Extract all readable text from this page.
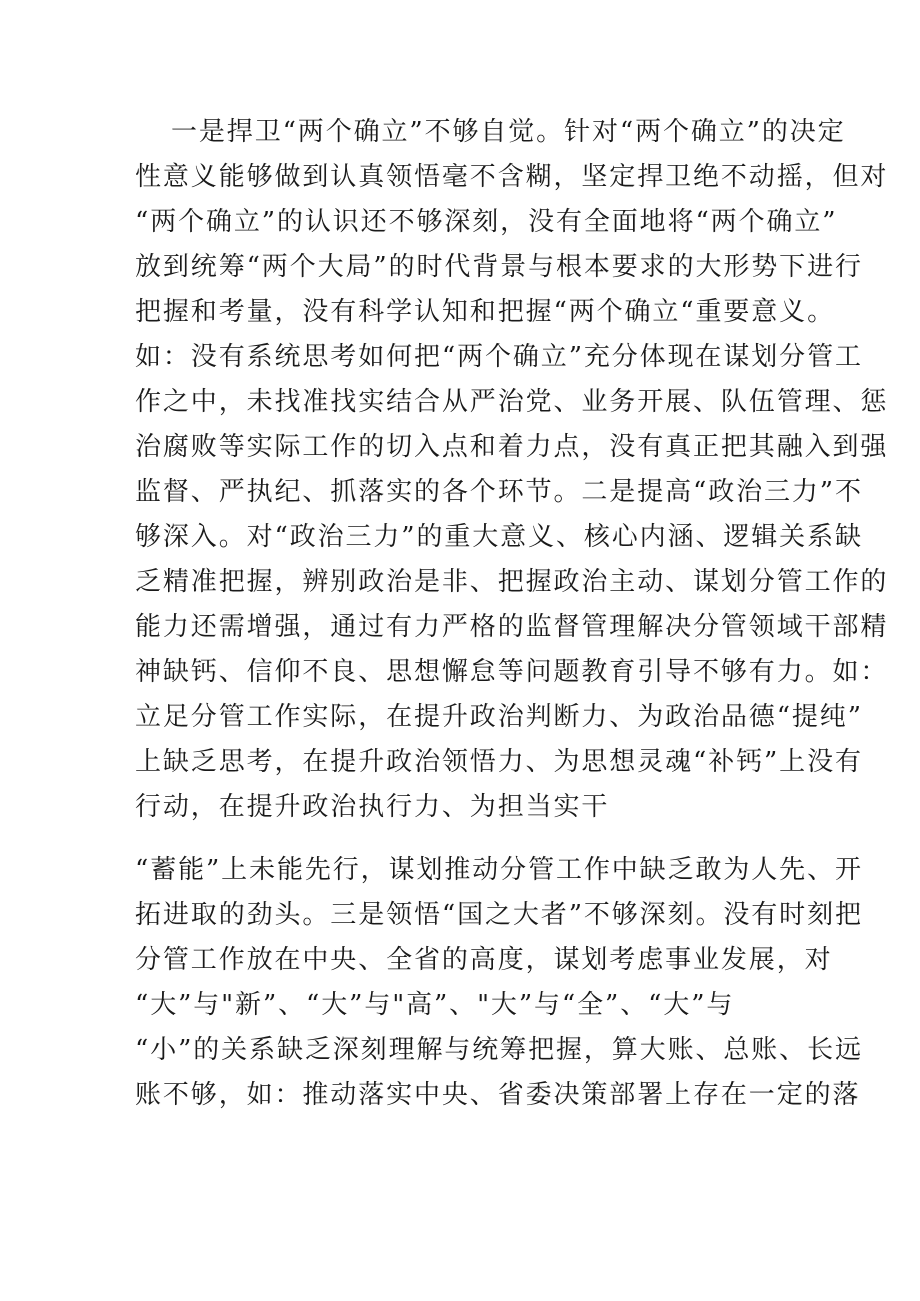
一是捍卫“两个确立”不够自觉。针对“两个确立”的决定
性意义能够做到认真领悟毫不含糊，坚定捍卫绝不动摇，但对
“两个确立”的认识还不够深刻，没有全面地将“两个确立”
放到统筹“两个大局”的时代背景与根本要求的大形势下进行
把握和考量，没有科学认知和把握“两个确立“重要意义。
如：没有系统思考如何把“两个确立”充分体现在谋划分管工
作之中，未找准找实结合从严治党、业务开展、队伍管理、惩
治腐败等实际工作的切入点和着力点，没有真正把其融入到强
监督、严执纪、抓落实的各个环节。二是提高“政治三力”不
够深入。对“政治三力”的重大意义、核心内涵、逻辑关系缺
乏精准把握，辨别政治是非、把握政治主动、谋划分管工作的
能力还需增强，通过有力严格的监督管理解决分管领域干部精
神缺钙、信仰不良、思想懈怠等问题教育引导不够有力。如：
立足分管工作实际，在提升政治判断力、为政治品德“提纯”
上缺乏思考，在提升政治领悟力、为思想灵魂“补钙”上没有
行动，在提升政治执行力、为担当实干
“蓄能”上未能先行，谋划推动分管工作中缺乏敢为人先、开
拓进取的劲头。三是领悟“国之大者”不够深刻。没有时刻把
分管工作放在中央、全省的高度，谋划考虑事业发展，对
“大”与"新”、“大”与"高”、"大”与“全”、“大”与
“小”的关系缺乏深刻理解与统筹把握，算大账、总账、长远
账不够，如：推动落实中央、省委决策部署上存在一定的落
